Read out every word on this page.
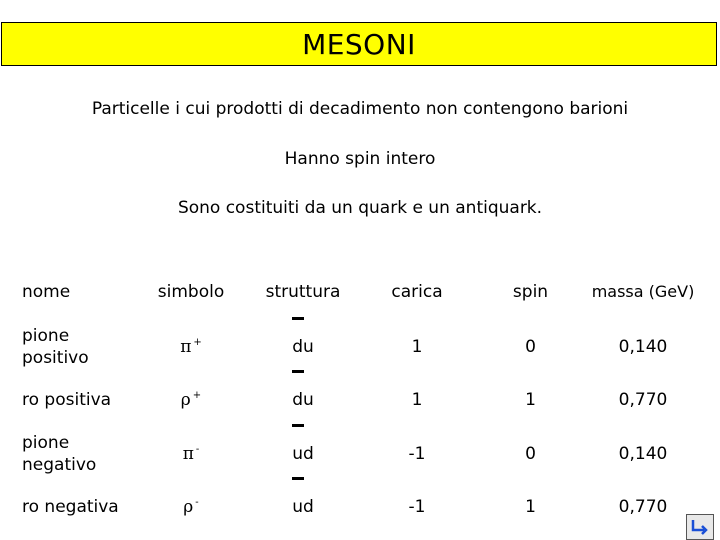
MESONI
Particelle i cui prodotti di decadimento non contengono barioni
Hanno spin intero
Sono costituiti da un quark e un antiquark.
nome	simbolo	struttura	carica	spin	massa (GeV)
pione positivo	π +	du	1	0	0,140
ro positiva	ρ +	du	1	1	0,770
pione negativo	π -	ud	-1	0	0,140
ro negativa	ρ -	ud	-1	1	0,770
